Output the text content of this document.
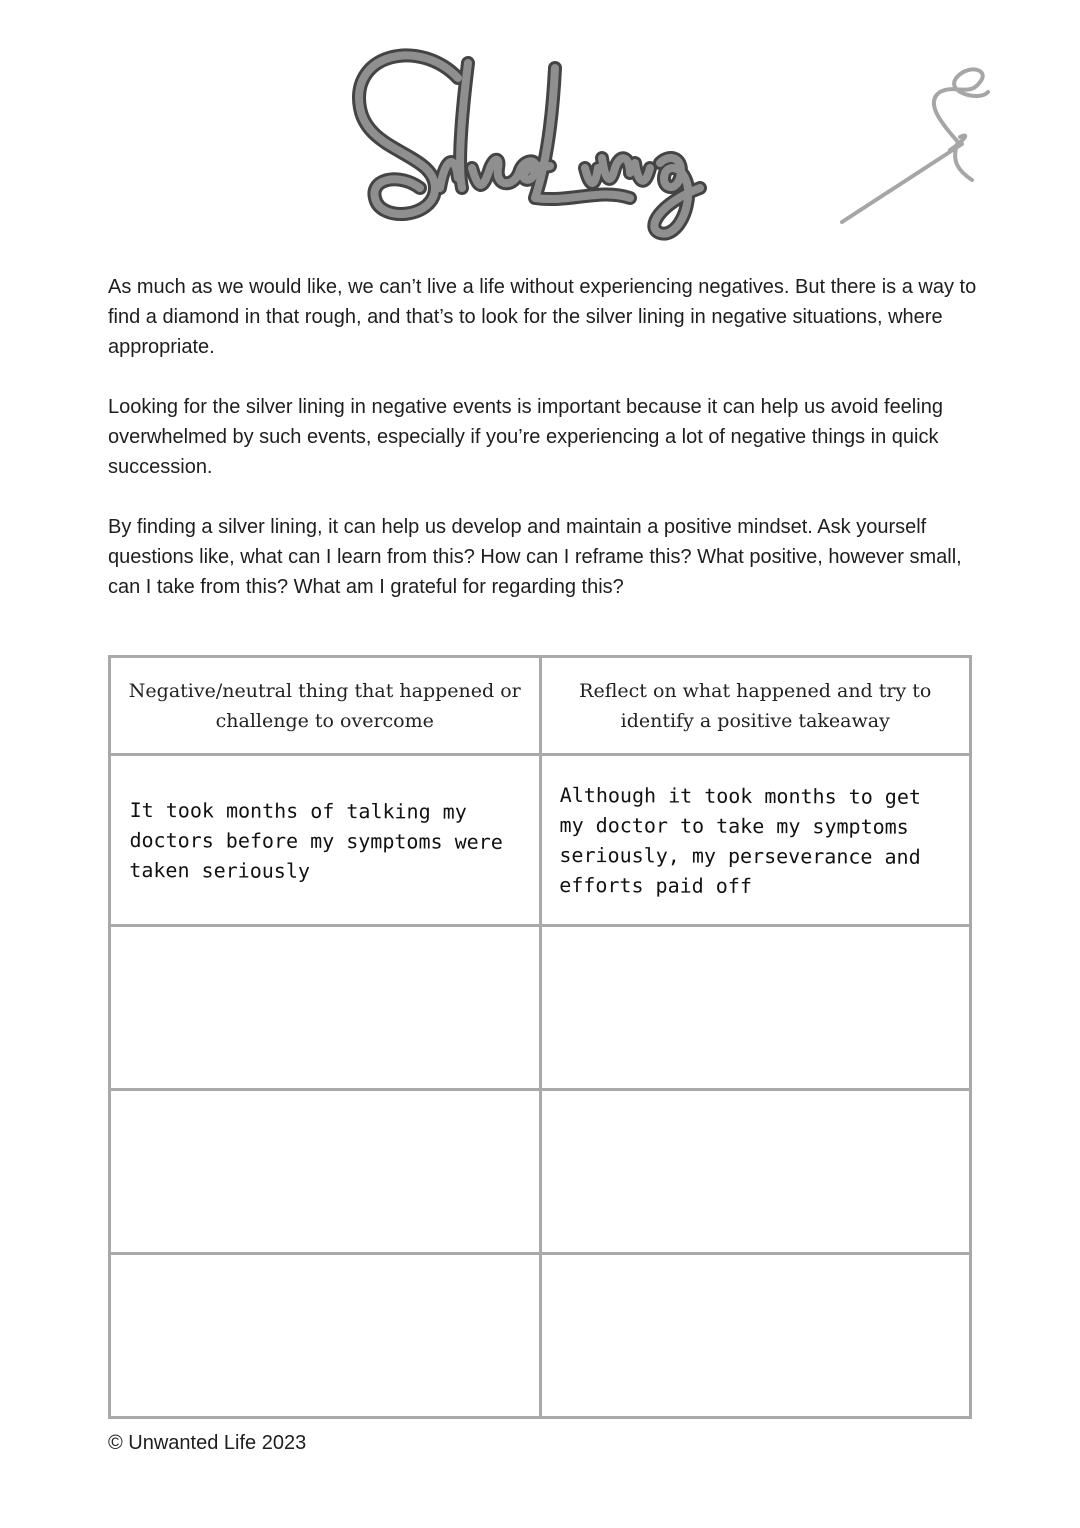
As much as we would like, we can’t live a life without experiencing negatives. But there is a way to find a diamond in that rough, and that’s to look for the silver lining in negative situations, where appropriate.

Looking for the silver lining in negative events is important because it can help us avoid feeling overwhelmed by such events, especially if you’re experiencing a lot of negative things in quick succession.

By finding a silver lining, it can help us develop and maintain a positive mindset. Ask yourself questions like, what can I learn from this? How can I reframe this? What positive, however small, can I take from this? What am I grateful for regarding this?

Negative/neutral thing that happened or challenge to overcome	Reflect on what happened and try to identify a positive takeaway
It took months of talking my doctors before my symptoms were taken seriously	Although it took months to get my doctor to take my symptoms seriously, my perseverance and efforts paid off

© Unwanted Life 2023
